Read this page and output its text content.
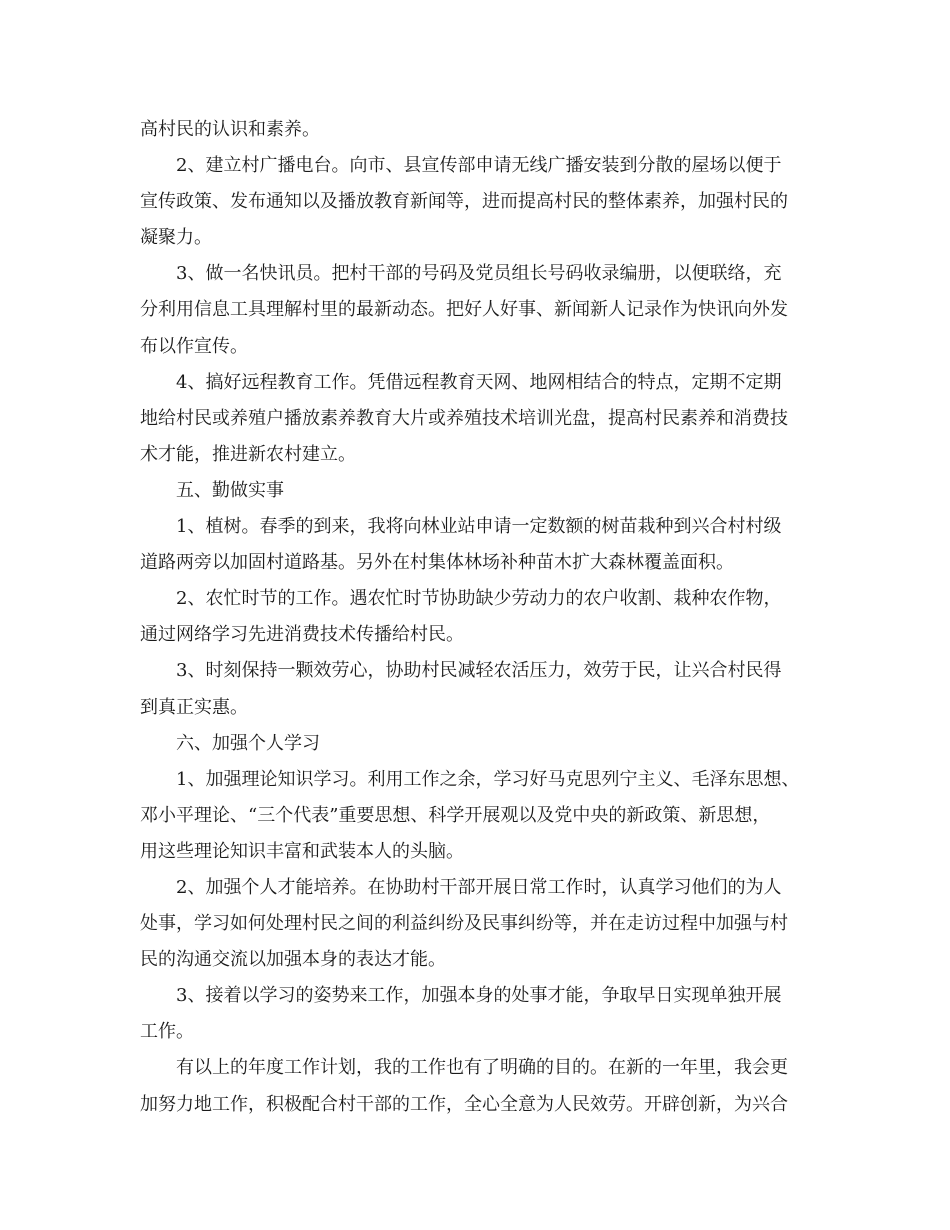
高村民的认识和素养。
2、建立村广播电台。向市、县宣传部申请无线广播安装到分散的屋场以便于
宣传政策、发布通知以及播放教育新闻等，进而提高村民的整体素养，加强村民的
凝聚力。
3、做一名快讯员。把村干部的号码及党员组长号码收录编册，以便联络，充
分利用信息工具理解村里的最新动态。把好人好事、新闻新人记录作为快讯向外发
布以作宣传。
4、搞好远程教育工作。凭借远程教育天网、地网相结合的特点，定期不定期
地给村民或养殖户播放素养教育大片或养殖技术培训光盘，提高村民素养和消费技
术才能，推进新农村建立。
五、勤做实事
1、植树。春季的到来，我将向林业站申请一定数额的树苗栽种到兴合村村级
道路两旁以加固村道路基。另外在村集体林场补种苗木扩大森林覆盖面积。
2、农忙时节的工作。遇农忙时节协助缺少劳动力的农户收割、栽种农作物，
通过网络学习先进消费技术传播给村民。
3、时刻保持一颗效劳心，协助村民减轻农活压力，效劳于民，让兴合村民得
到真正实惠。
六、加强个人学习
1、加强理论知识学习。利用工作之余，学习好马克思列宁主义、毛泽东思想、
邓小平理论、“三个代表”重要思想、科学开展观以及党中央的新政策、新思想，
用这些理论知识丰富和武装本人的头脑。
2、加强个人才能培养。在协助村干部开展日常工作时，认真学习他们的为人
处事，学习如何处理村民之间的利益纠纷及民事纠纷等，并在走访过程中加强与村
民的沟通交流以加强本身的表达才能。
3、接着以学习的姿势来工作，加强本身的处事才能，争取早日实现单独开展
工作。
有以上的年度工作计划，我的工作也有了明确的目的。在新的一年里，我会更
加努力地工作，积极配合村干部的工作，全心全意为人民效劳。开辟创新，为兴合
